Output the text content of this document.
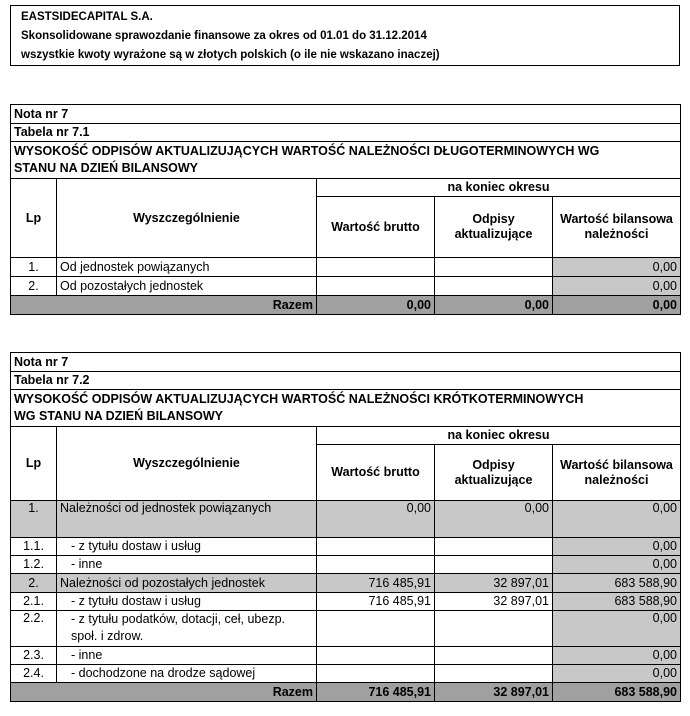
EASTSIDECAPITAL S.A.
Skonsolidowane sprawozdanie finansowe za okres od 01.01 do 31.12.2014
wszystkie kwoty wyrażone są w złotych polskich (o ile nie wskazano inaczej)
Nota nr 7				
Tabela nr 7.1				
WYSOKOŚĆ ODPISÓW AKTUALIZUJĄCYCH WARTOŚĆ NALEŻNOŚCI DŁUGOTERMINOWYCH WG
STANU NA DZIEŃ BILANSOWY				
Lp	Wyszczególnienie	na koniec okresu		
		Wartość brutto	Odpisy aktualizujące	Wartość bilansowa należności
1.	Od jednostek powiązanych			0,00
2.	Od pozostałych jednostek			0,00
Razem		0,00	0,00	0,00
Nota nr 7				
Tabela nr 7.2				
WYSOKOŚĆ ODPISÓW AKTUALIZUJĄCYCH WARTOŚĆ NALEŻNOŚCI KRÓTKOTERMINOWYCH
WG STANU NA DZIEŃ BILANSOWY				
Lp	Wyszczególnienie	na koniec okresu		
		Wartość brutto	Odpisy aktualizujące	Wartość bilansowa należności
1.	Należności od jednostek powiązanych	0,00	0,00	0,00
1.1.	- z tytułu dostaw i usług			0,00
1.2.	- inne			0,00
2.	Należności od pozostałych jednostek	716 485,91	32 897,01	683 588,90
2.1.	- z tytułu dostaw i usług	716 485,91	32 897,01	683 588,90
2.2.	- z tytułu podatków, dotacji, ceł, ubezp. społ. i zdrow.			0,00
2.3.	- inne			0,00
2.4.	- dochodzone na drodze sądowej			0,00
Razem		716 485,91	32 897,01	683 588,90
